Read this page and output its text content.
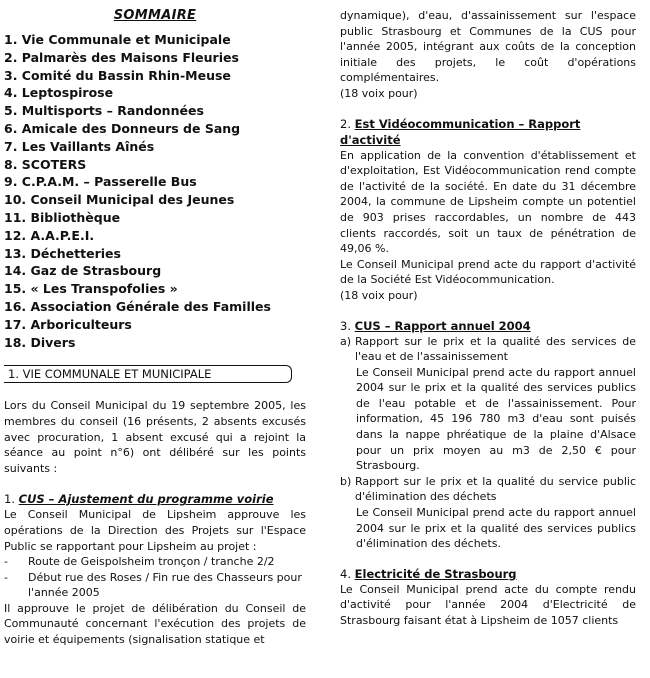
SOMMAIRE
1. Vie Communale et Municipale
2. Palmarès des Maisons Fleuries
3. Comité du Bassin Rhin-Meuse
4. Leptospirose
5. Multisports – Randonnées
6. Amicale des Donneurs de Sang
7. Les Vaillants Aînés
8. SCOTERS
9. C.P.A.M. – Passerelle Bus
10. Conseil Municipal des Jeunes
11. Bibliothèque
12. A.A.P.E.I.
13. Déchetteries
14. Gaz de Strasbourg
15. « Les Transpofolies »
16. Association Générale des Familles
17. Arboriculteurs
18. Divers
1. VIE COMMUNALE ET MUNICIPALE

Lors du Conseil Municipal du 19 septembre 2005, les membres du conseil (16 présents, 2 absents excusés avec procuration, 1 absent excusé qui a rejoint la séance au point n°6) ont délibéré sur les points suivants :

1. CUS – Ajustement du programme voirie

Le Conseil Municipal de Lipsheim approuve les opérations de la Direction des Projets sur l'Espace Public se rapportant pour Lipsheim au projet :

- Route de Geispolsheim tronçon / tranche 2/2
- Début rue des Roses / Fin rue des Chasseurs pour l'année 2005

Il approuve le projet de délibération du Conseil de Communauté concernant l'exécution des projets de voirie et équipements (signalisation statique et

dynamique), d'eau, d'assainissement sur l'espace public Strasbourg et Communes de la CUS pour l'année 2005, intégrant aux coûts de la conception initiale des projets, le coût d'opérations complémentaires.

(18 voix pour)

2. Est Vidéocommunication – Rapport d'activité

En application de la convention d'établissement et d'exploitation, Est Vidéocommunication rend compte de l'activité de la société. En date du 31 décembre 2004, la commune de Lipsheim compte un potentiel de 903 prises raccordables, un nombre de 443 clients raccordés, soit un taux de pénétration de 49,06 %.

Le Conseil Municipal prend acte du rapport d'activité de la Société Est Vidéocommunication.

(18 voix pour)

3. CUS – Rapport annuel 2004
a) Rapport sur le prix et la qualité des services de l'eau et de l'assainissement
Le Conseil Municipal prend acte du rapport annuel 2004 sur le prix et la qualité des services publics de l'eau potable et de l'assainissement. Pour information, 45 196 780 m3 d'eau sont puisés dans la nappe phréatique de la plaine d'Alsace pour un prix moyen au m3 de 2,50 € pour Strasbourg.
b) Rapport sur le prix et la qualité du service public d'élimination des déchets
Le Conseil Municipal prend acte du rapport annuel 2004 sur le prix et la qualité des services publics d'élimination des déchets.
4. Electricité de Strasbourg

Le Conseil Municipal prend acte du compte rendu d'activité pour l'année 2004 d'Electricité de Strasbourg faisant état à Lipsheim de 1057 clients
